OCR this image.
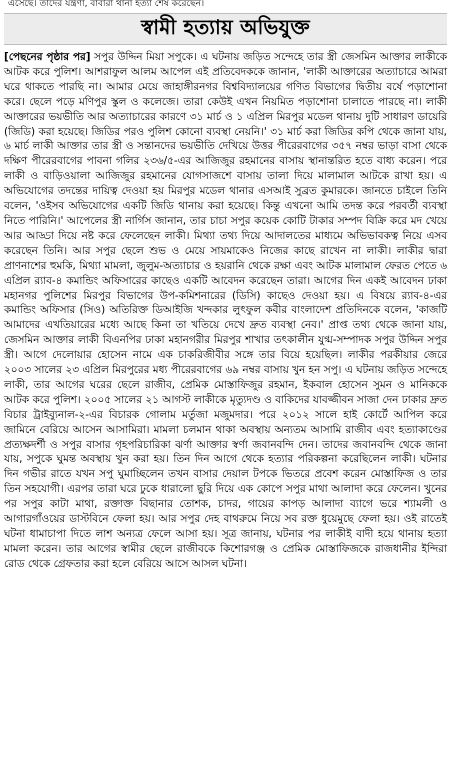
এসেছে। তাদের যন্ত্রণা, বাবারা থানা হত্যা শেষ করেছেন।
স্বামী হত্যায় অভিযুক্ত
[পেছনের পৃষ্ঠার পর] সপুর উদ্দিন মিয়া সপুকে। এ ঘটনায় জড়িত সন্দেহে তার স্ত্রী জেসমিন আক্তার লাকীকে আটক করে পুলিশ। আশরাফুল আলম আপেল এই প্রতিবেদককে জানান, 'লাকী আক্তারের অত্যাচারে আমরা ঘরে থাকতে পারছি না। আমার মেয়ে জাহাঙ্গীরনগর বিশ্ববিদ্যালয়ের গণিত বিভাগের দ্বিতীয় বর্ষে পড়াশোনা করে। ছেলে পড়ে মণিপুর স্কুল ও কলেজে। তারা কেউই এখন নিয়মিত পড়াশোনা চালাতে পারছে না। লাকী আক্তারের ভয়ভীতি আর অত্যাচারের কারণে ৩১ মার্চ ও ১ এপ্রিল মিরপুর মডেল থানায় দুটি সাধারণ ডায়েরি (জিডি) করা হয়েছে। জিডির পরও পুলিশ কোনো ব্যবস্থা নেয়নি।' ৩১ মার্চ করা জিডির কপি থেকে জানা যায়, ৬ মার্চ লাকী আক্তার তার স্ত্রী ও সন্তানদের ভয়ভীতি দেখিয়ে উত্তর পীরেরবাগের ৩৫৭ নম্বর ভাড়া বাসা থেকে দক্ষিণ পীরেরবাগের পাবনা গলির ২৩৬/৫-এর আজিজুর রহমানের বাসায় স্থানান্তরিত হতে বাধ্য করেন। পরে লাকী ও বাড়িওয়ালা আজিজুর রহমানের যোগসাজশে বাসায় তালা দিয়ে মালামাল আটকে রাখা হয়। এ অভিযোগের তদন্তের দায়িত্ব দেওয়া হয় মিরপুর মডেল থানার এসআই সুব্রত কুমারকে। জানতে চাইলে তিনি বলেন, 'ওইসব অভিযোগের একটি জিডি থানায় করা হয়েছে। কিন্তু এখনো আমি তদন্ত করে পরবর্তী ব্যবস্থা নিতে পারিনি।' আপেলের স্ত্রী নার্গিস জানান, তার চাচা সপুর কয়েক কোটি টাকার সম্পদ বিক্রি করে মদ খেয়ে আর আড্ডা দিয়ে নষ্ট করে ফেলেছেন লাকী। মিথ্যা তথ্য দিয়ে আদালতের মাধ্যমে অভিভাবকত্ব নিয়ে এসব করেছেন তিনি। আর সপুর ছেলে শুভ ও মেয়ে সায়মাকেও নিজের কাছে রাখেন না লাকী। লাকীর দ্বারা প্রাণনাশের হুমকি, মিথ্যা মামলা, জুলুম-অত্যাচার ও হয়রানি থেকে রক্ষা এবং আটক মালামাল ফেরত পেতে ৬ এপ্রিল র‍্যাব-৪ কমান্ডিং অফিসারের কাছেও একটি আবেদন করেছেন তারা। আগের দিন একই আবেদন ঢাকা মহানগর পুলিশের মিরপুর বিভাগের উপ-কমিশনারের (ডিসি) কাছেও দেওয়া হয়। এ বিষয়ে র‍্যাব-৪-এর কমান্ডিং অফিসার (সিও) অতিরিক্ত ডিআইজি খন্দকার লুৎফুল কবীর বাংলাদেশ প্রতিদিনকে বলেন, 'কাজটি আমাদের এখতিয়ারের মধ্যে আছে কিনা তা খতিয়ে দেখে দ্রুত ব্যবস্থা নেব।' প্রাপ্ত তথ্য থেকে জানা যায়, জেসমিন আক্তার লাকী বিএনপির ঢাকা মহানগরীর মিরপুর শাখার তৎকালীন যুগ্ম-সম্পাদক সপুর উদ্দিন সপুর স্ত্রী। আগে দেলোয়ার হোসেন নামে এক চাকরিজীবীর সঙ্গে তার বিয়ে হয়েছিল। লাকীর পরকীয়ার জেরে ২০০৩ সালের ২৩ এপ্রিল মিরপুরের মধ্য পীরেরবাগের ৬৯ নম্বর বাসায় খুন হন সপু। এ ঘটনায় জড়িত সন্দেহে লাকী, তার আগের ঘরের ছেলে রাজীব, প্রেমিক মোস্তাফিজুর রহমান, ইকবাল হোসেন সুমন ও মানিককে আটক করে পুলিশ। ২০০৫ সালের ২১ আগস্ট লাকীকে মৃত্যুদণ্ড ও বাকিদের যাবজ্জীবন সাজা দেন ঢাকার দ্রুত বিচার ট্রাইব্যুনাল-২-এর বিচারক গোলাম মর্তুজা মজুমদার। পরে ২০১২ সালে হাই কোর্টে আপিল করে জামিনে বেরিয়ে আসেন আসামিরা। মামলা চলমান থাকা অবস্থায় অন্যতম আসামি রাজীব এবং হত্যাকাণ্ডের প্রত্যক্ষদর্শী ও সপুর বাসার গৃহপরিচারিকা ঝর্ণা আক্তার স্বর্ণা জবানবন্দি দেন। তাদের জবানবন্দি থেকে জানা যায়, সপুকে ঘুমন্ত অবস্থায় খুন করা হয়। তিন দিন আগে থেকে হত্যার পরিকল্পনা করেছিলেন লাকী। ঘটনার দিন গভীর রাতে যখন সপু ঘুমাচ্ছিলেন তখন বাসার দেয়াল টপকে ভিতরে প্রবেশ করেন মোস্তাফিজ ও তার তিন সহযোগী। এরপর তারা ঘরে ঢুকে ধারালো ছুরি দিয়ে এক কোপে সপুর মাথা আলাদা করে ফেলেন। খুনের পর সপুর কাটা মাথা, রক্তাক্ত বিছানার তোশক, চাদর, গায়ের কাপড় আলাদা ব্যাগে ভরে শ্যামলী ও আগারগাঁওয়ের ডাস্টবিনে ফেলা হয়। আর সপুর দেহ বাথরুমে নিয়ে সব রক্ত ধুয়েমুছে ফেলা হয়। ওই রাতেই ঘটনা ধামাচাপা দিতে লাশ অন্যত্র ফেলে আসা হয়। সূত্র জানায়, ঘটনার পর লাকীই বাদী হয়ে থানায় হত্যা মামলা করেন। তার আগের স্বামীর ছেলে রাজীবকে কিশোরগঞ্জ ও প্রেমিক মোস্তাফিজকে রাজধানীর ইন্দিরা রোড থেকে গ্রেফতার করা হলে বেরিয়ে আসে আসল ঘটনা।
